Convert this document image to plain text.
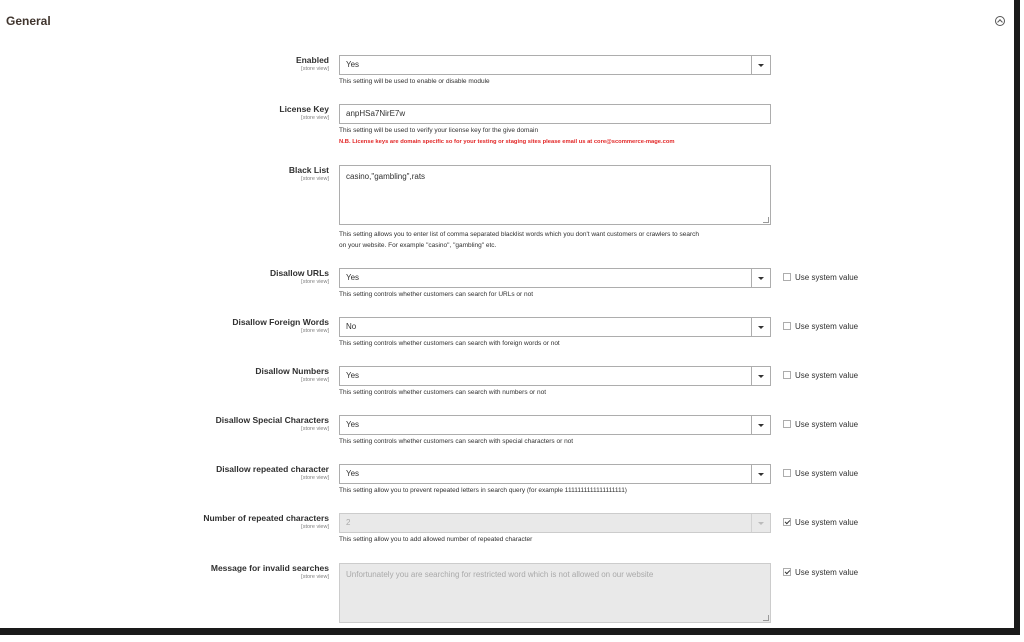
General
Enabled
[store view]	Yes
This setting will be used to enable or disable module
License Key
[store view]	anpHSa7NirE7w
This setting will be used to verify your license key for the give domain
N.B. License keys are domain specific so for your testing or staging sites please email us at core@scommerce-mage.com
Black List
[store view]	casino,"gambling",rats
This setting allows you to enter list of comma separated blacklist words which you don't want customers or crawlers to search
on your website. For example "casino", "gambling" etc.
Disallow URLs
[store view]	Yes	Use system value
This setting controls whether customers can search for URLs or not
Disallow Foreign Words
[store view]	No	Use system value
This setting controls whether customers can search with foreign words or not
Disallow Numbers
[store view]	Yes	Use system value
This setting controls whether customers can search with numbers or not
Disallow Special Characters
[store view]	Yes	Use system value
This setting controls whether customers can search with special characters or not
Disallow repeated character
[store view]	Yes	Use system value
This setting allow you to prevent repeated letters in search query (for example 1111111111111111111)
Number of repeated characters
[store view]	2	Use system value
This setting allow you to add allowed number of repeated character
Message for invalid searches
[store view]	Unfortunately you are searching for restricted word which is not allowed on our website	Use system value
